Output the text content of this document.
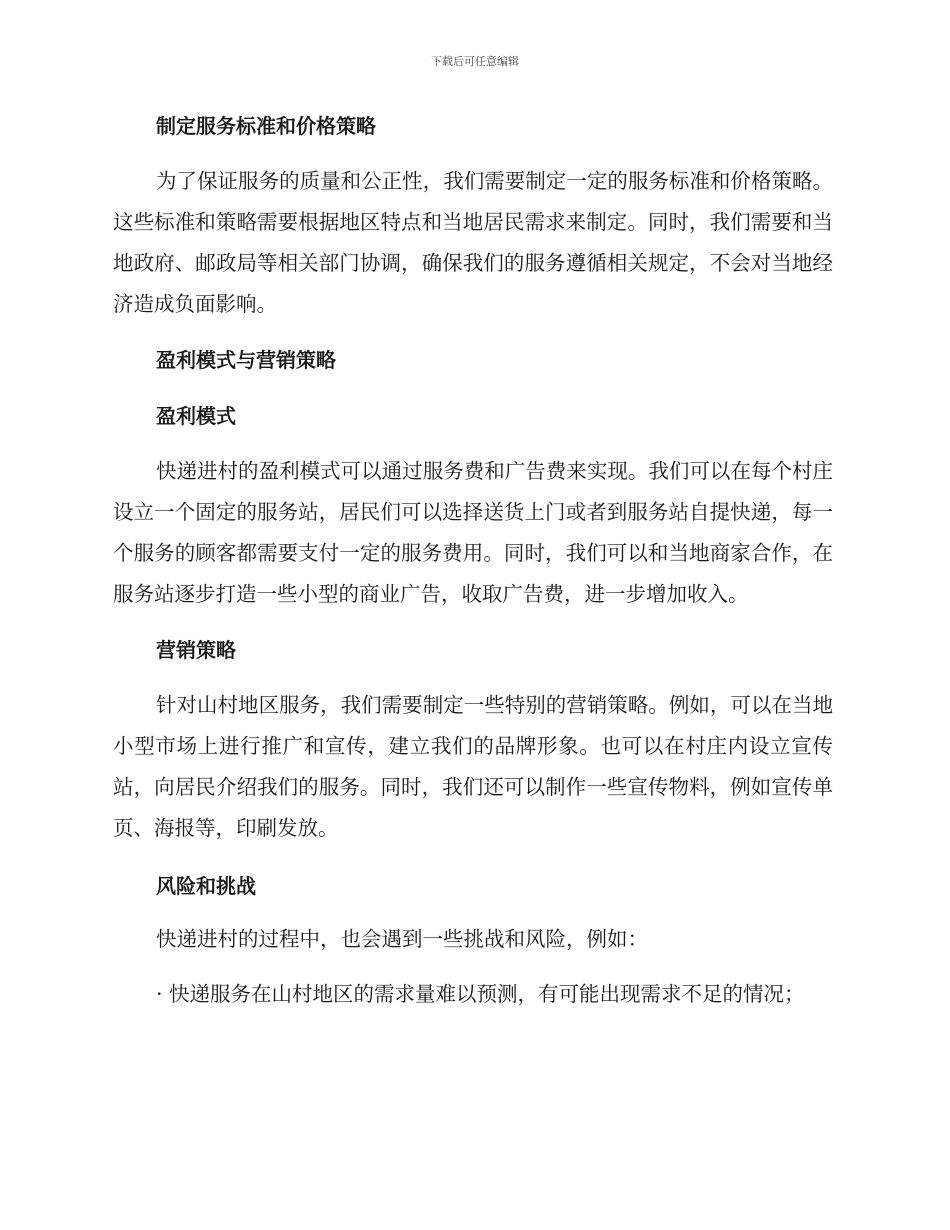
下载后可任意编辑

制定服务标准和价格策略

为了保证服务的质量和公正性，我们需要制定一定的服务标准和价格策略。这些标准和策略需要根据地区特点和当地居民需求来制定。同时，我们需要和当地政府、邮政局等相关部门协调，确保我们的服务遵循相关规定，不会对当地经济造成负面影响。

盈利模式与营销策略

盈利模式

快递进村的盈利模式可以通过服务费和广告费来实现。我们可以在每个村庄设立一个固定的服务站，居民们可以选择送货上门或者到服务站自提快递，每一个服务的顾客都需要支付一定的服务费用。同时，我们可以和当地商家合作，在服务站逐步打造一些小型的商业广告，收取广告费，进一步增加收入。

营销策略

针对山村地区服务，我们需要制定一些特别的营销策略。例如，可以在当地小型市场上进行推广和宣传，建立我们的品牌形象。也可以在村庄内设立宣传站，向居民介绍我们的服务。同时，我们还可以制作一些宣传物料，例如宣传单页、海报等，印刷发放。

风险和挑战

快递进村的过程中，也会遇到一些挑战和风险，例如：

· 快递服务在山村地区的需求量难以预测，有可能出现需求不足的情况；
